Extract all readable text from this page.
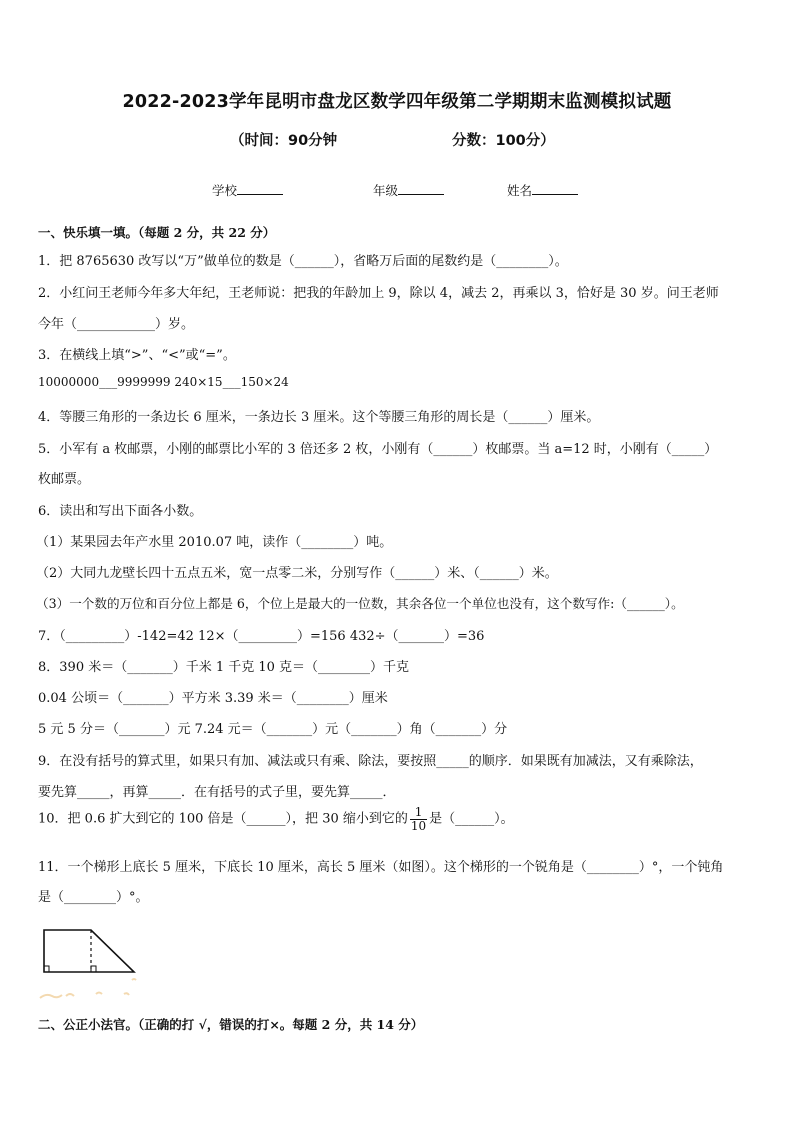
2022-2023学年昆明市盘龙区数学四年级第二学期期末监测模拟试题
（时间：90分钟	分数：100分）
学校	年级	姓名
一、快乐填一填。（每题 2 分，共 22 分）
1．把 8765630 改写以“万”做单位的数是（______），省略万后面的尾数约是（________）。
2．小红问王老师今年多大年纪，王老师说：把我的年龄加上 9，除以 4，减去 2，再乘以 3，恰好是 30 岁。问王老师
今年（____________）岁。
3．在横线上填“>”、“<”或“=”。
10000000___9999999 240×15___150×24
4．等腰三角形的一条边长 6 厘米，一条边长 3 厘米。这个等腰三角形的周长是（______）厘米。
5．小军有 a 枚邮票，小刚的邮票比小军的 3 倍还多 2 枚，小刚有（______）枚邮票。当 a=12 时，小刚有（_____）
枚邮票。
6．读出和写出下面各小数。
（1）某果园去年产水里 2010.07 吨，读作（________）吨。
（2）大同九龙壁长四十五点五米，宽一点零二米，分别写作（______）米、（______）米。
（3）一个数的万位和百分位上都是 6，个位上是最大的一位数，其余各位一个单位也没有，这个数写作:（______）。
7．（_________）-142=42 12×（_________）=156 432÷（_______）=36
8．390 米＝（_______）千米 1 千克 10 克＝（________）千克
0.04 公顷＝（_______）平方米 3.39 米＝（________）厘米
5 元 5 分＝（_______）元 7.24 元＝（_______）元（_______）角（_______）分
9．在没有括号的算式里，如果只有加、减法或只有乘、除法，要按照_____的顺序．如果既有加减法，又有乘除法，
要先算_____，再算_____．在有括号的式子里，要先算_____．
10．把 0.6 扩大到它的 100 倍是（______），把 30 缩小到它的 $\frac{1}{10}$ 是（______）。
11．一个梯形上底长 5 厘米，下底长 10 厘米，高长 5 厘米（如图）。这个梯形的一个锐角是（________）°，一个钝角
是（________）°。
二、公正小法官。（正确的打 √，错误的打×。每题 2 分，共 14 分）
